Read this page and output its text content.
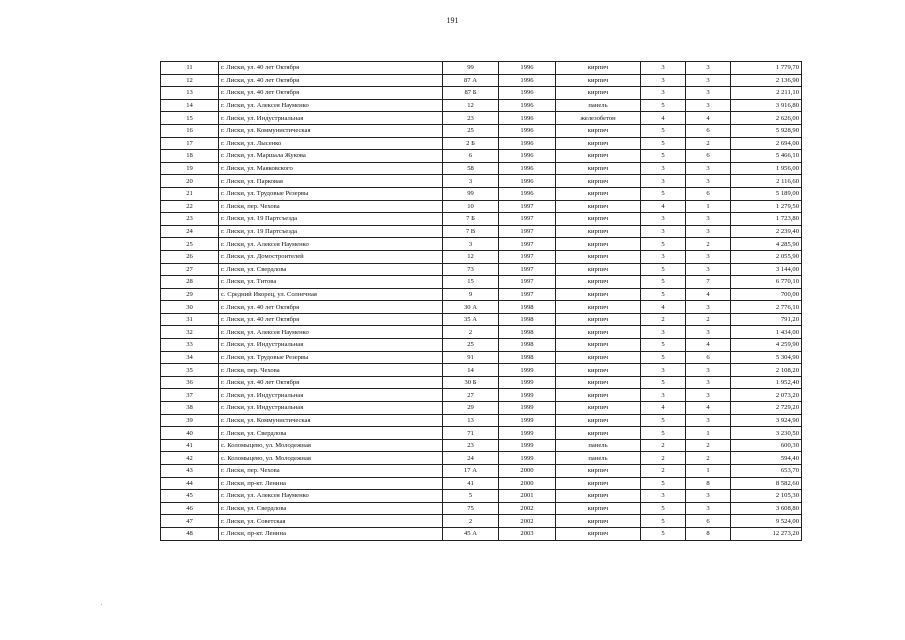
191
11	г. Лиски, ул. 40 лет Октября	99	1996	кирпич	3	3	1 779,70
12	г. Лиски, ул. 40 лет Октября	87 А	1996	кирпич	3	3	2 136,90
13	г. Лиски, ул. 40 лет Октября	87 Б	1996	кирпич	3	3	2 211,10
14	г. Лиски, ул. Алексея Науменко	12	1996	панель	5	3	3 916,80
15	г. Лиски, ул. Индустриальная	23	1996	железобетон	4	4	2 626,00
16	г. Лиски, ул. Коммунистическая	25	1996	кирпич	5	6	5 928,90
17	г. Лиски, ул. Лысенко	2 Б	1996	кирпич	5	2	2 694,00
18	г. Лиски, ул. Маршала Жукова	6	1996	кирпич	5	6	5 466,10
19	г. Лиски, ул. Маяковского	58	1996	кирпич	3	3	1 956,00
20	г. Лиски, ул. Парковая	3	1996	кирпич	3	3	2 116,60
21	г. Лиски, ул. Трудовые Резервы	99	1996	кирпич	5	6	5 189,00
22	г. Лиски, пер. Чехова	10	1997	кирпич	4	1	1 279,50
23	г. Лиски, ул. 19 Партсъезда	7 Б	1997	кирпич	3	3	1 723,80
24	г. Лиски, ул. 19 Партсъезда	7 В	1997	кирпич	3	3	2 239,40
25	г. Лиски, ул. Алексея Науменко	3	1997	кирпич	5	2	4 285,90
26	г. Лиски, ул. Домостроителей	12	1997	кирпич	3	3	2 055,90
27	г. Лиски, ул. Свердлова	73	1997	кирпич	5	3	3 144,00
28	г. Лиски, ул. Титова	15	1997	кирпич	5	7	6 770,10
29	с. Средний Икорец, ул. Солнечная	9	1997	кирпич	5	4	700,00
30	г. Лиски, ул. 40 лет Октября	30 А	1998	кирпич	4	3	2 776,10
31	г. Лиски, ул. 40 лет Октября	35 А	1998	кирпич	2	2	791,20
32	г. Лиски, ул. Алексея Науменко	2	1998	кирпич	3	3	1 434,00
33	г. Лиски, ул. Индустриальная	25	1998	кирпич	5	4	4 259,90
34	г. Лиски, ул. Трудовые Резервы	91	1998	кирпич	5	6	5 304,90
35	г. Лиски, пер. Чехова	14	1999	кирпич	3	3	2 108,20
36	г. Лиски, ул. 40 лет Октября	30 Б	1999	кирпич	5	3	1 952,40
37	г. Лиски, ул. Индустриальная	27	1999	кирпич	3	3	2 073,20
38	г. Лиски, ул. Индустриальная	29	1999	кирпич	4	4	2 729,20
39	г. Лиски, ул. Коммунистическая	13	1999	кирпич	5	3	3 924,90
40	г. Лиски, ул. Свердлова	71	1999	кирпич	5	1	3 230,50
41	с. Коломыцево, ул. Молодежная	23	1999	панель	2	2	600,30
42	с. Коломыцево, ул. Молодежная	24	1999	панель	2	2	594,40
43	г. Лиски, пер. Чехова	17 А	2000	кирпич	2	1	653,70
44	г. Лиски, пр-кт. Ленина	41	2000	кирпич	5	8	8 582,60
45	г. Лиски, ул. Алексея Науменко	5	2001	кирпич	3	3	2 105,30
46	г. Лиски, ул. Свердлова	75	2002	кирпич	5	3	3 608,80
47	г. Лиски, ул. Советская	2	2002	кирпич	5	6	9 524,00
48	г. Лиски, пр-кт. Ленина	45 А	2003	кирпич	5	8	12 273,20
